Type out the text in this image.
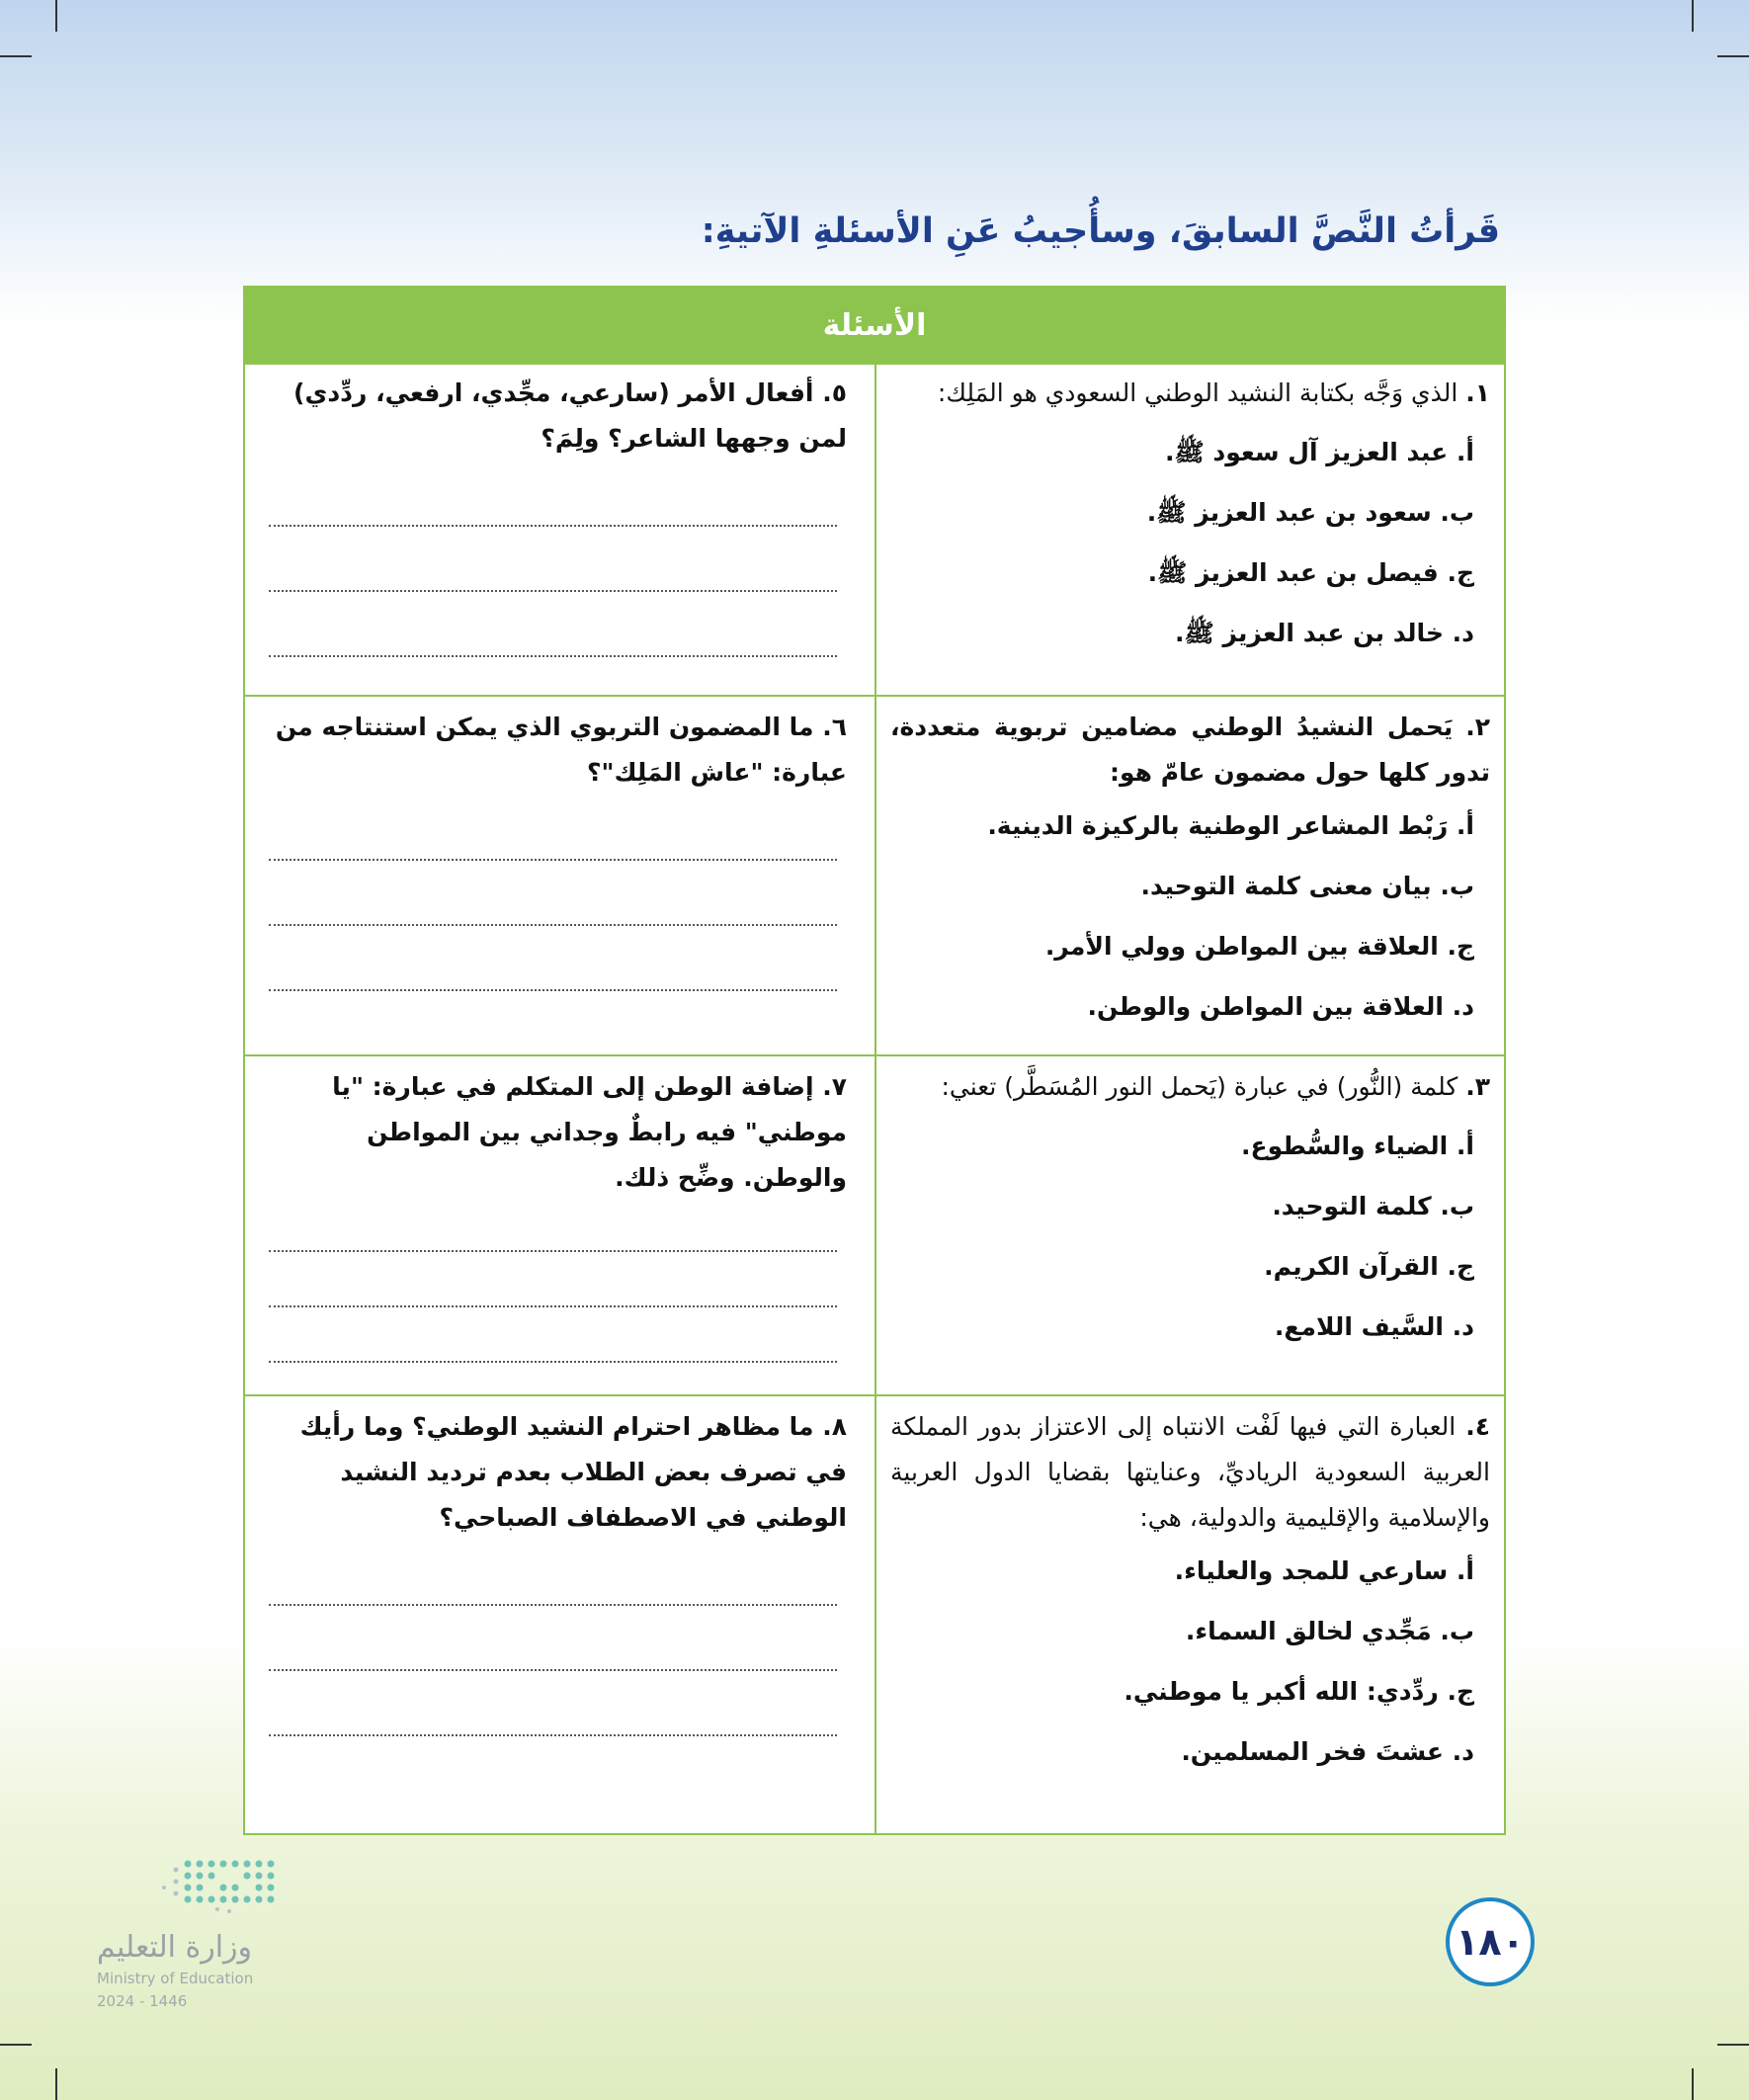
قَرأتُ النَّصَّ السابقَ، وسأُجيبُ عَنِ الأسئلةِ الآتيةِ:
الأسئلة
١. الذي وَجَّه بكتابة النشيد الوطني السعودي هو المَلِك:
أ. عبد العزيز آل سعود ﷺ.
ب. سعود بن عبد العزيز ﷺ.
ج. فيصل بن عبد العزيز ﷺ.
د. خالد بن عبد العزيز ﷺ.
٥. أفعال الأمر (سارعي، مجِّدي، ارفعي، ردِّدي) لمن وجهها الشاعر؟ ولِمَ؟
٢. يَحمل النشيدُ الوطني مضامين تربوية متعددة، تدور كلها حول مضمون عامّ هو:
أ. رَبْط المشاعر الوطنية بالركيزة الدينية.
ب. بيان معنى كلمة التوحيد.
ج. العلاقة بين المواطن وولي الأمر.
د. العلاقة بين المواطن والوطن.
٦. ما المضمون التربوي الذي يمكن استنتاجه من عبارة: "عاش المَلِك"؟
٣. كلمة (النُّور) في عبارة (يَحمل النور المُسَطَّر) تعني:
أ. الضياء والسُّطوع.
ب. كلمة التوحيد.
ج. القرآن الكريم.
د. السَّيف اللامع.
٧. إضافة الوطن إلى المتكلم في عبارة: "يا موطني" فيه رابطٌ وجداني بين المواطن والوطن. وضِّح ذلك.
٤. العبارة التي فيها لَفْت الانتباه إلى الاعتزاز بدور المملكة العربية السعودية الرياديِّ، وعنايتها بقضايا الدول العربية والإسلامية والإقليمية والدولية، هي:
أ. سارعي للمجد والعلياء.
ب. مَجِّدي لخالق السماء.
ج. ردِّدي: الله أكبر يا موطني.
د. عشتَ فخر المسلمين.
٨. ما مظاهر احترام النشيد الوطني؟ وما رأيك في تصرف بعض الطلاب بعدم ترديد النشيد الوطني في الاصطفاف الصباحي؟
وزارة التعليم
Ministry of Education
2024 - 1446
١٨٠
